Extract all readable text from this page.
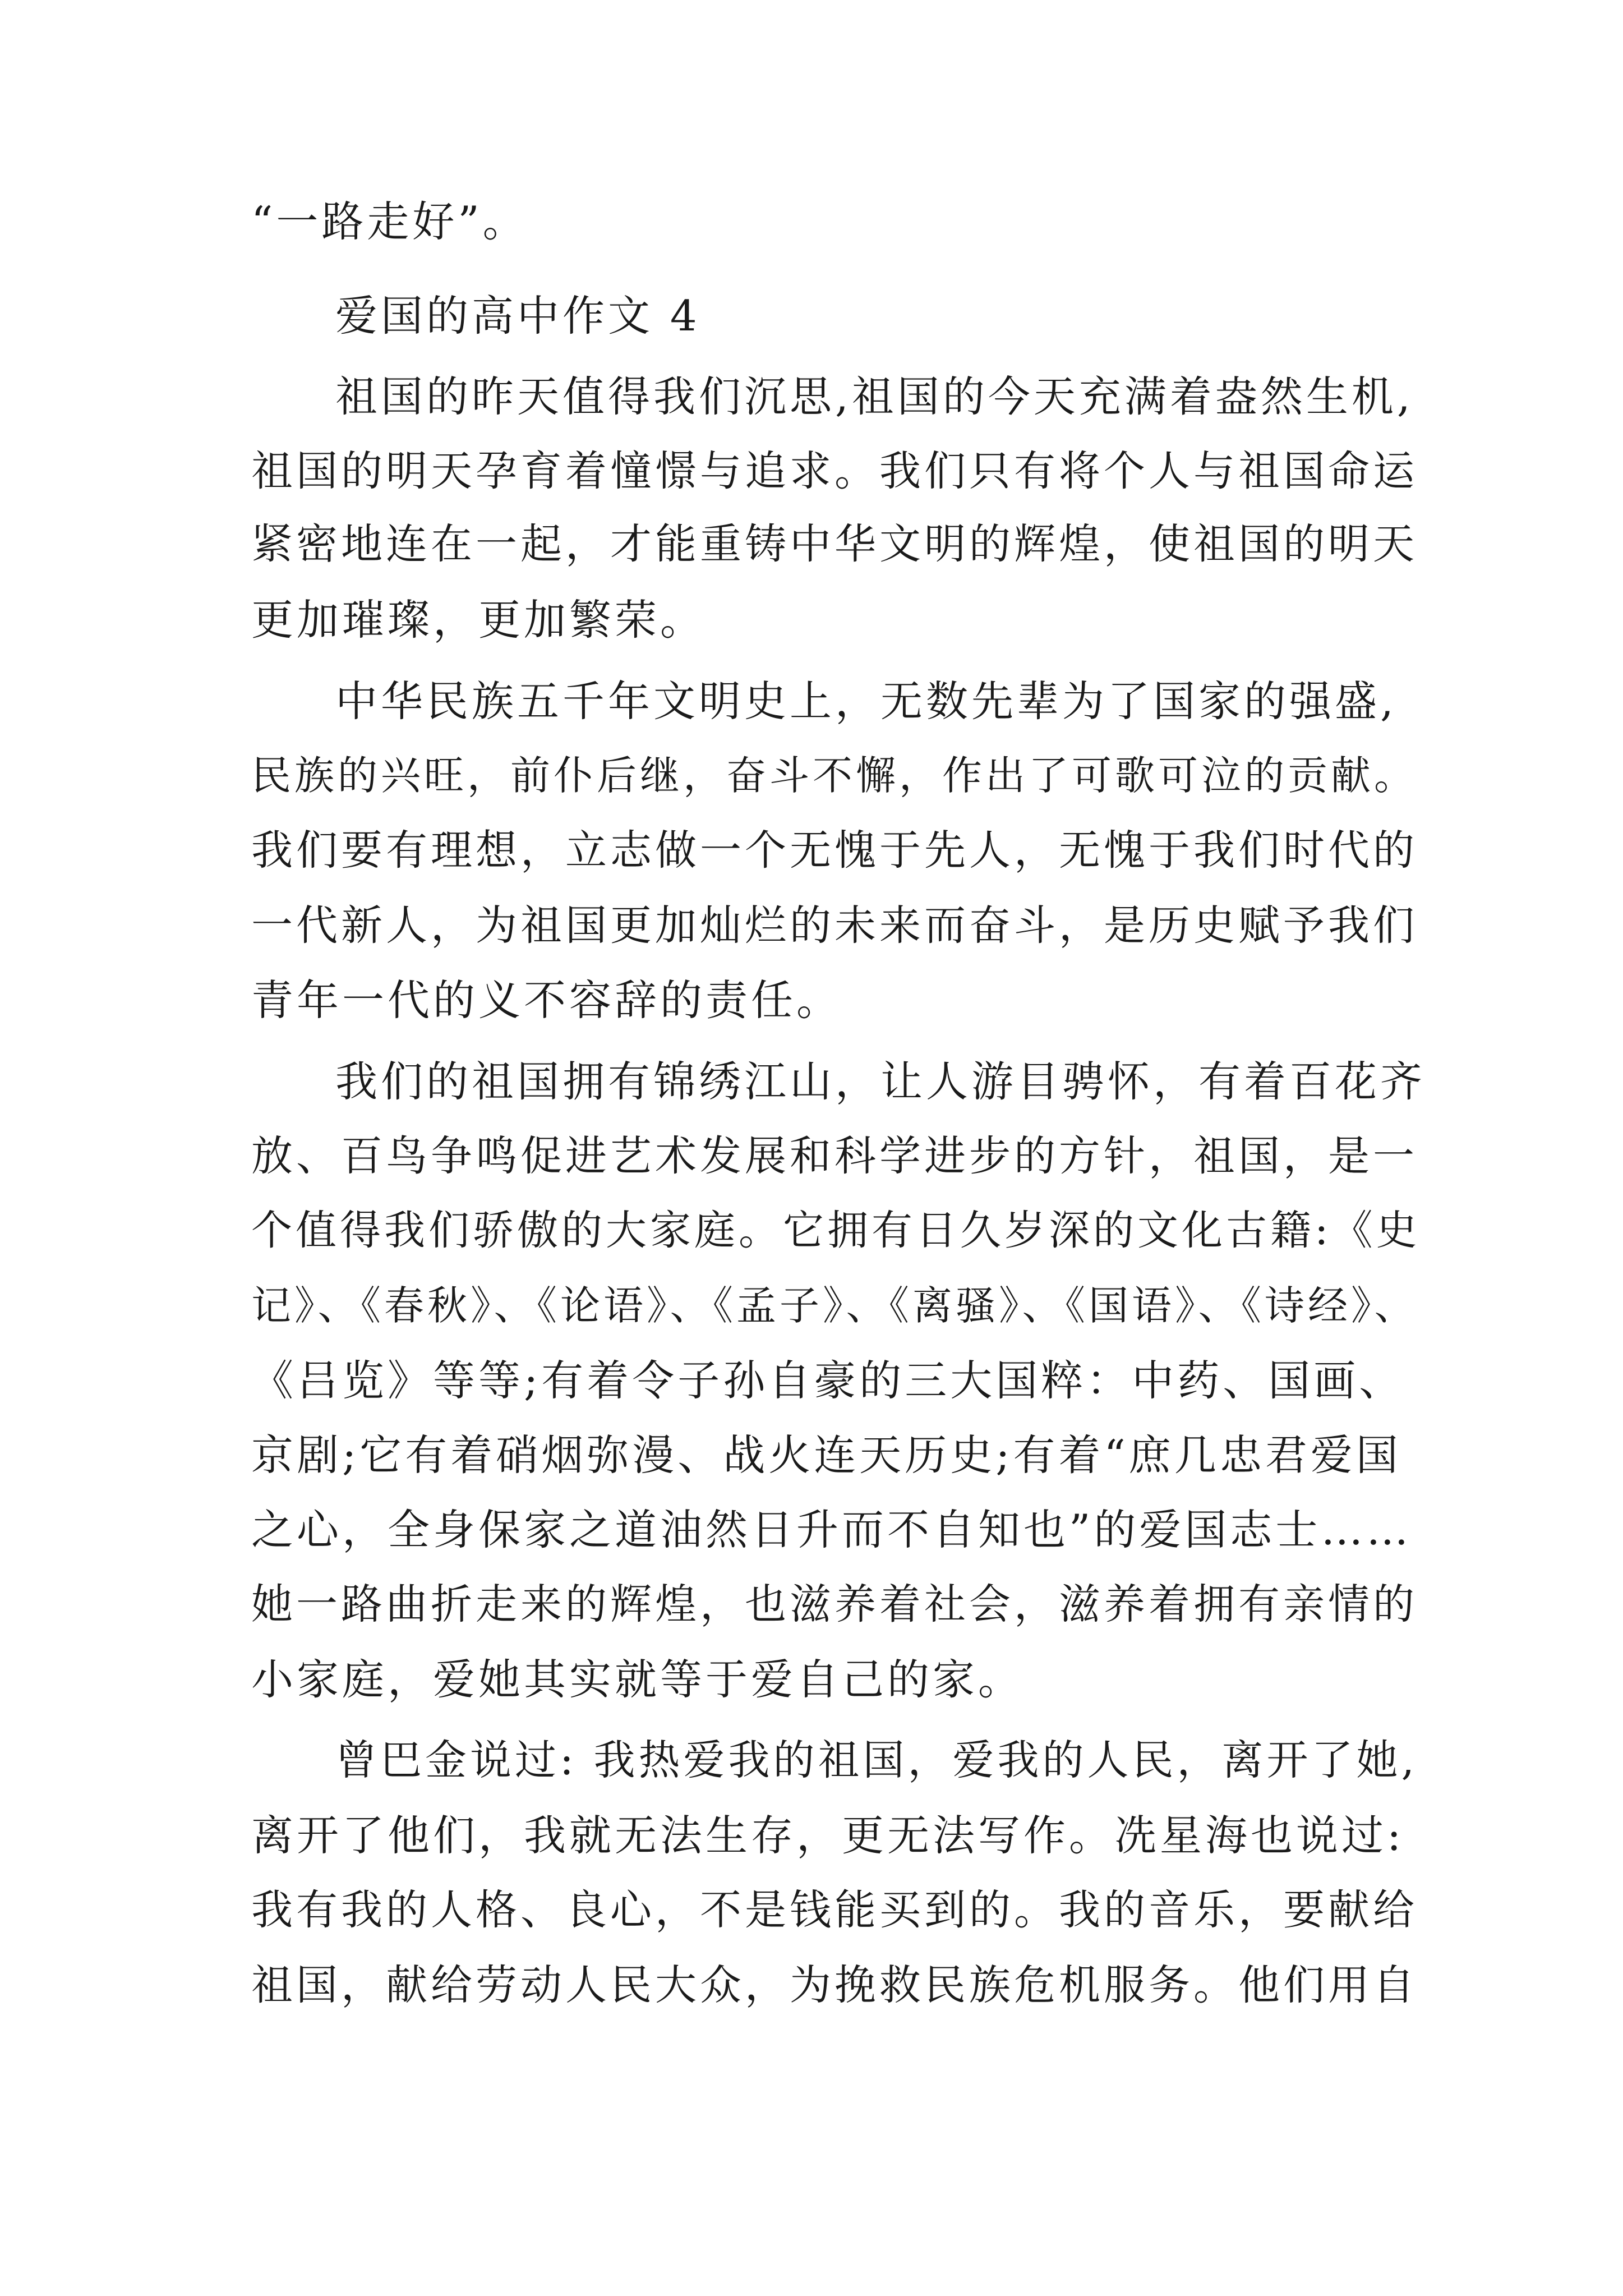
“一路走好”。

爱国的高中作文 4

祖国的昨天值得我们沉思,祖国的今天充满着盎然生机,

祖国的明天孕育着憧憬与追求。我们只有将个人与祖国命运

紧密地连在一起，才能重铸中华文明的辉煌，使祖国的明天

更加璀璨，更加繁荣。

中华民族五千年文明史上，无数先辈为了国家的强盛,

民族的兴旺，前仆后继，奋斗不懈，作出了可歌可泣的贡献。

我们要有理想，立志做一个无愧于先人，无愧于我们时代的

一代新人，为祖国更加灿烂的未来而奋斗，是历史赋予我们

青年一代的义不容辞的责任。

我们的祖国拥有锦绣江山，让人游目骋怀，有着百花齐

放、百鸟争鸣促进艺术发展和科学进步的方针，祖国，是一

个值得我们骄傲的大家庭。它拥有日久岁深的文化古籍:《史

记》、《春秋》、《论语》、《孟子》、《离骚》、《国语》、《诗经》、

《吕览》等等;有着令子孙自豪的三大国粹：中药、国画、

京剧;它有着硝烟弥漫、战火连天历史;有着“庶几忠君爱国

之心，全身保家之道油然日升而不自知也”的爱国志士……

她一路曲折走来的辉煌，也滋养着社会，滋养着拥有亲情的

小家庭，爱她其实就等于爱自己的家。

曾巴金说过: 我热爱我的祖国，爱我的人民，离开了她,

离开了他们，我就无法生存，更无法写作。冼星海也说过:

我有我的人格、良心，不是钱能买到的。我的音乐，要献给

祖国，献给劳动人民大众，为挽救民族危机服务。他们用自
